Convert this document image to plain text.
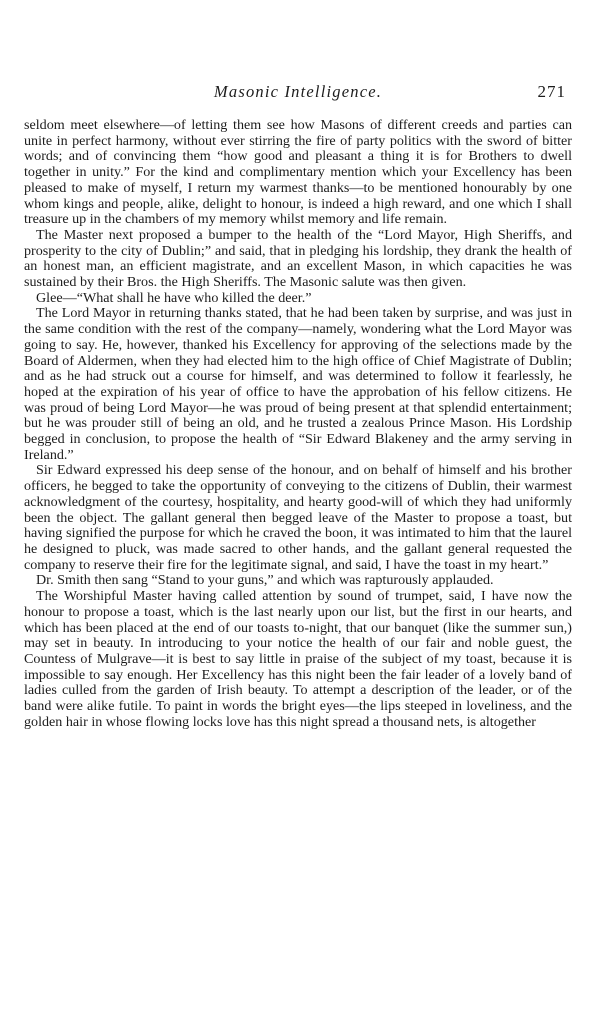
Masonic Intelligence.	271

seldom meet elsewhere—of letting them see how Masons of different creeds and parties can unite in perfect harmony, without ever stirring the fire of party politics with the sword of bitter words; and of convincing them “how good and pleasant a thing it is for Brothers to dwell together in unity.” For the kind and complimentary mention which your Excellency has been pleased to make of myself, I return my warmest thanks—to be mentioned honourably by one whom kings and people, alike, delight to honour, is indeed a high reward, and one which I shall treasure up in the chambers of my memory whilst memory and life remain.

The Master next proposed a bumper to the health of the “Lord Mayor, High Sheriffs, and prosperity to the city of Dublin;” and said, that in pledging his lordship, they drank the health of an honest man, an efficient magistrate, and an excellent Mason, in which capacities he was sustained by their Bros. the High Sheriffs. The Masonic salute was then given.

Glee—“What shall he have who killed the deer.”

The Lord Mayor in returning thanks stated, that he had been taken by surprise, and was just in the same condition with the rest of the company—namely, wondering what the Lord Mayor was going to say. He, however, thanked his Excellency for approving of the selections made by the Board of Aldermen, when they had elected him to the high office of Chief Magistrate of Dublin; and as he had struck out a course for himself, and was determined to follow it fearlessly, he hoped at the expiration of his year of office to have the approbation of his fellow citizens. He was proud of being Lord Mayor—he was proud of being present at that splendid entertainment; but he was prouder still of being an old, and he trusted a zealous Prince Mason. His Lordship begged in conclusion, to propose the health of “Sir Edward Blakeney and the army serving in Ireland.”

Sir Edward expressed his deep sense of the honour, and on behalf of himself and his brother officers, he begged to take the opportunity of conveying to the citizens of Dublin, their warmest acknowledgment of the courtesy, hospitality, and hearty good-will of which they had uniformly been the object. The gallant general then begged leave of the Master to propose a toast, but having signified the purpose for which he craved the boon, it was intimated to him that the laurel he designed to pluck, was made sacred to other hands, and the gallant general requested the company to reserve their fire for the legitimate signal, and said, I have the toast in my heart.”

Dr. Smith then sang “Stand to your guns,” and which was rapturously applauded.

The Worshipful Master having called attention by sound of trumpet, said, I have now the honour to propose a toast, which is the last nearly upon our list, but the first in our hearts, and which has been placed at the end of our toasts to-night, that our banquet (like the summer sun,) may set in beauty. In introducing to your notice the health of our fair and noble guest, the Countess of Mulgrave—it is best to say little in praise of the subject of my toast, because it is impossible to say enough. Her Excellency has this night been the fair leader of a lovely band of ladies culled from the garden of Irish beauty. To attempt a description of the leader, or of the band were alike futile. To paint in words the bright eyes—the lips steeped in loveliness, and the golden hair in whose flowing locks love has this night spread a thousand nets, is altogether
